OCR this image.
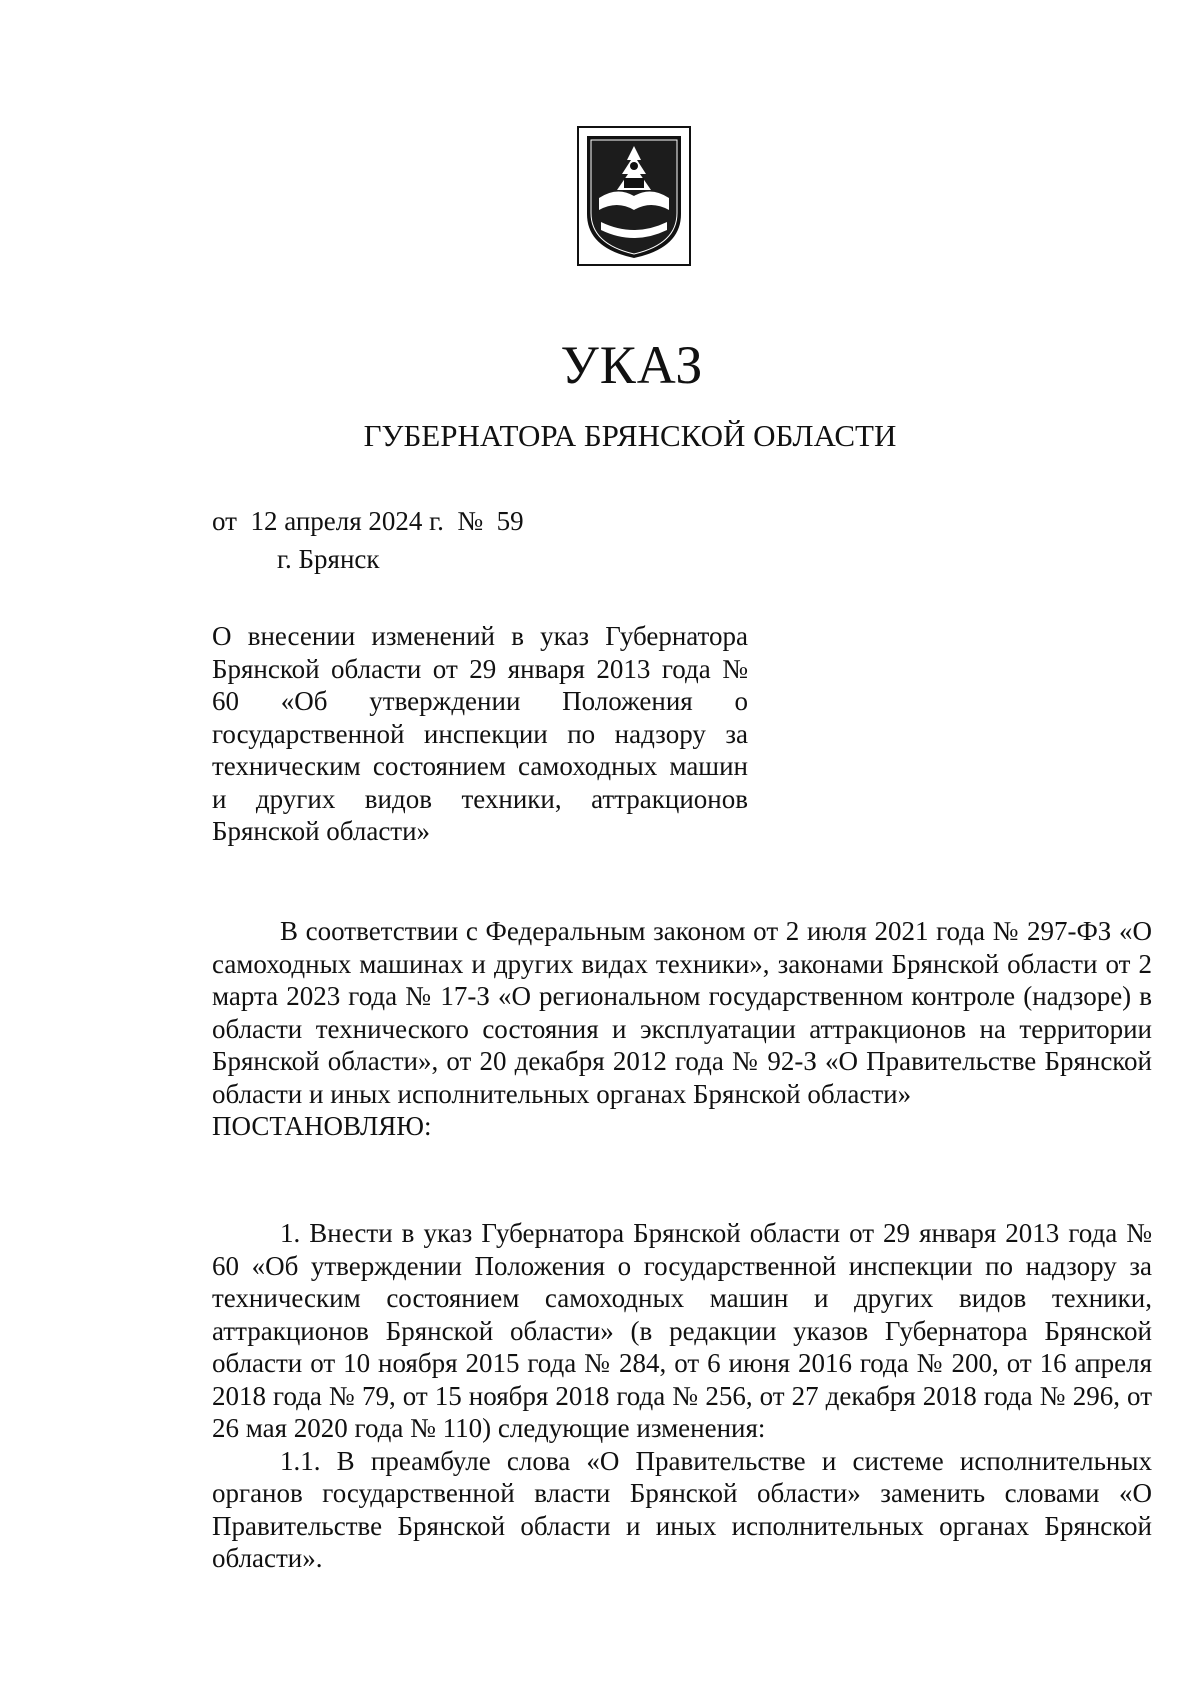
УКАЗ
ГУБЕРНАТОРА БРЯНСКОЙ ОБЛАСТИ
от  12 апреля 2024 г.  №  59
г. Брянск
О внесении изменений в указ Губернатора Брянской области от 29 января 2013 года № 60 «Об утверждении Положения о государственной инспекции по надзору за техническим состоянием самоходных машин и других видов техники, аттракционов Брянской области»

В соответствии с Федеральным законом от 2 июля 2021 года № 297-ФЗ «О самоходных машинах и других видах техники», законами Брянской области от 2 марта 2023 года № 17-З «О региональном государственном контроле (надзоре) в области технического состояния и эксплуатации аттракционов на территории Брянской области», от 20 декабря 2012 года № 92-З «О Правительстве Брянской области и иных исполнительных органах Брянской области»

ПОСТАНОВЛЯЮ:

1. Внести в указ Губернатора Брянской области от 29 января 2013 года № 60 «Об утверждении Положения о государственной инспекции по надзору за техническим состоянием самоходных машин и других видов техники, аттракционов Брянской области» (в редакции указов Губернатора Брянской области от 10 ноября 2015 года № 284, от 6 июня 2016 года № 200, от 16 апреля 2018 года № 79, от 15 ноября 2018 года № 256, от 27 декабря 2018 года № 296, от 26 мая 2020 года № 110) следующие изменения:

1.1. В преамбуле слова «О Правительстве и системе исполнительных органов государственной власти Брянской области» заменить словами «О Правительстве Брянской области и иных исполнительных органах Брянской области».
